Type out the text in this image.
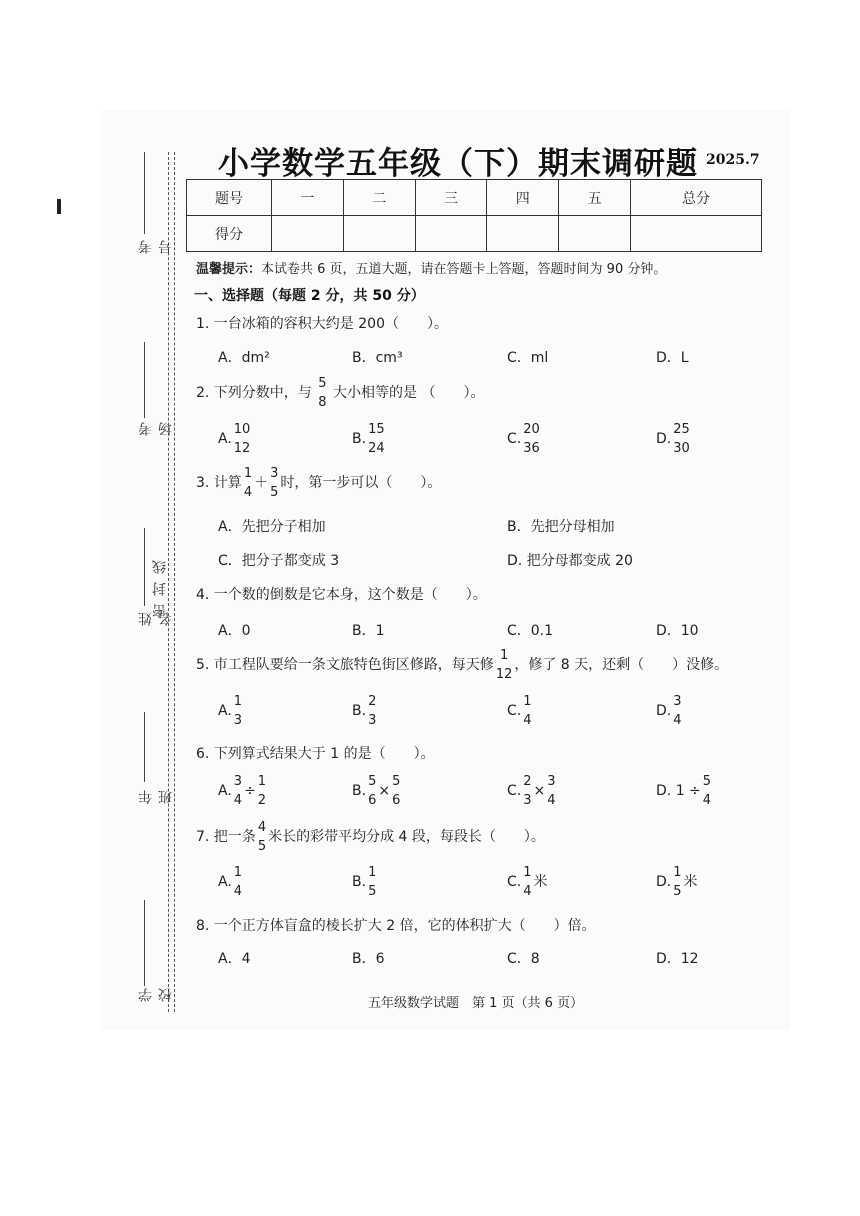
考号
考场
姓名
密封线
年 班
学校
小学数学五年级（下）期末调研题 2025.7
题号	一	二	三	四	五	总分
得分						
温馨提示：本试卷共 6 页，五道大题，请在答题卡上答题，答题时间为 90 分钟。
一、选择题（每题 2 分，共 50 分）
1. 一台冰箱的容积大约是 200（　　）。
A．dm²	B．cm³	C．ml	D．L
2. 下列分数中，与
5
8
大小相等的是 （　　）。
A.
10
12
B.
15
24
C.
20
36
D.
25
30
3. 计算
1
4
＋
3
5
时，第一步可以（　　）。
A．先把分子相加	B．先把分母相加
C．把分子都变成 3	D. 把分母都变成 20
4. 一个数的倒数是它本身，这个数是（　　）。
A．0	B．1	C．0.1	D．10
5. 市工程队要给一条文旅特色街区修路，每天修
1
12
，修了 8 天，还剩（　　）没修。
A.
1
3
B.
2
3
C.
1
4
D.
3
4
6. 下列算式结果大于 1 的是（　　）。
A.
3
4
÷
1
2
B.
5
6
×
5
6
C.
2
3
×
3
4
D. 1 ÷
5
4
7. 把一条
4
5
米长的彩带平均分成 4 段，每段长（　　）。
A.
1
4
B.
1
5
C.
1
4
米	D.
1
5
米
8. 一个正方体盲盒的棱长扩大 2 倍，它的体积扩大（　　）倍。
A．4	B．6	C．8	D．12
五年级数学试题　第 1 页（共 6 页）
